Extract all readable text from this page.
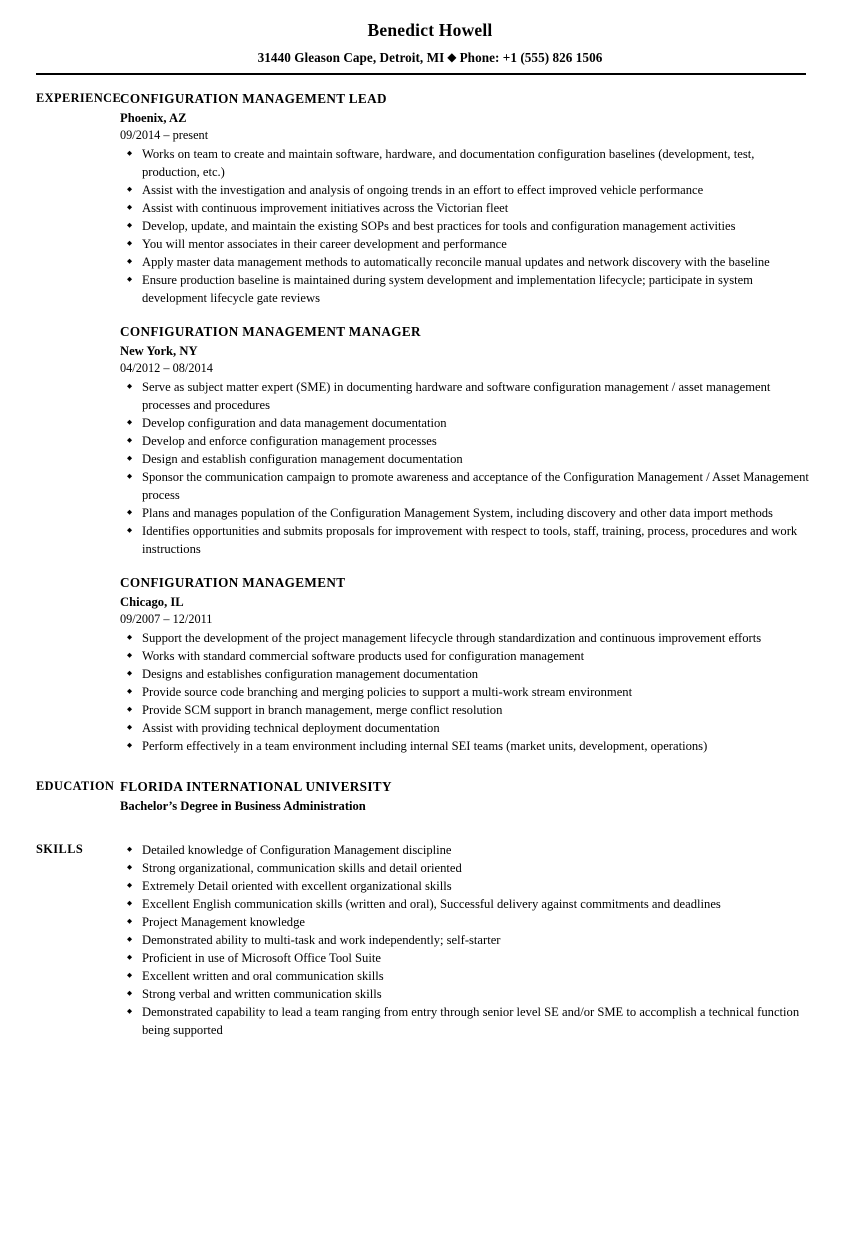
Benedict Howell
31440 Gleason Cape, Detroit, MI ◆ Phone: +1 (555) 826 1506
EXPERIENCE
CONFIGURATION MANAGEMENT LEAD
Phoenix, AZ
09/2014 – present
◆ Works on team to create and maintain software, hardware, and documentation configuration baselines (development, test, production, etc.)
◆ Assist with the investigation and analysis of ongoing trends in an effort to effect improved vehicle performance
◆ Assist with continuous improvement initiatives across the Victorian fleet
◆ Develop, update, and maintain the existing SOPs and best practices for tools and configuration management activities
◆ You will mentor associates in their career development and performance
◆ Apply master data management methods to automatically reconcile manual updates and network discovery with the baseline
◆ Ensure production baseline is maintained during system development and implementation lifecycle; participate in system development lifecycle gate reviews
CONFIGURATION MANAGEMENT MANAGER
New York, NY
04/2012 – 08/2014
◆ Serve as subject matter expert (SME) in documenting hardware and software configuration management / asset management processes and procedures
◆ Develop configuration and data management documentation
◆ Develop and enforce configuration management processes
◆ Design and establish configuration management documentation
◆ Sponsor the communication campaign to promote awareness and acceptance of the Configuration Management / Asset Management process
◆ Plans and manages population of the Configuration Management System, including discovery and other data import methods
◆ Identifies opportunities and submits proposals for improvement with respect to tools, staff, training, process, procedures and work instructions
CONFIGURATION MANAGEMENT
Chicago, IL
09/2007 – 12/2011
◆ Support the development of the project management lifecycle through standardization and continuous improvement efforts
◆ Works with standard commercial software products used for configuration management
◆ Designs and establishes configuration management documentation
◆ Provide source code branching and merging policies to support a multi-work stream environment
◆ Provide SCM support in branch management, merge conflict resolution
◆ Assist with providing technical deployment documentation
◆ Perform effectively in a team environment including internal SEI teams (market units, development, operations)
EDUCATION FLORIDA INTERNATIONAL UNIVERSITY
Bachelor’s Degree in Business Administration
SKILLS	◆ Detailed knowledge of Configuration Management discipline
◆ Strong organizational, communication skills and detail oriented
◆ Extremely Detail oriented with excellent organizational skills
◆ Excellent English communication skills (written and oral), Successful delivery against commitments and deadlines
◆ Project Management knowledge
◆ Demonstrated ability to multi-task and work independently; self-starter
◆ Proficient in use of Microsoft Office Tool Suite
◆ Excellent written and oral communication skills
◆ Strong verbal and written communication skills
◆ Demonstrated capability to lead a team ranging from entry through senior level SE and/or SME to accomplish a technical function being supported
